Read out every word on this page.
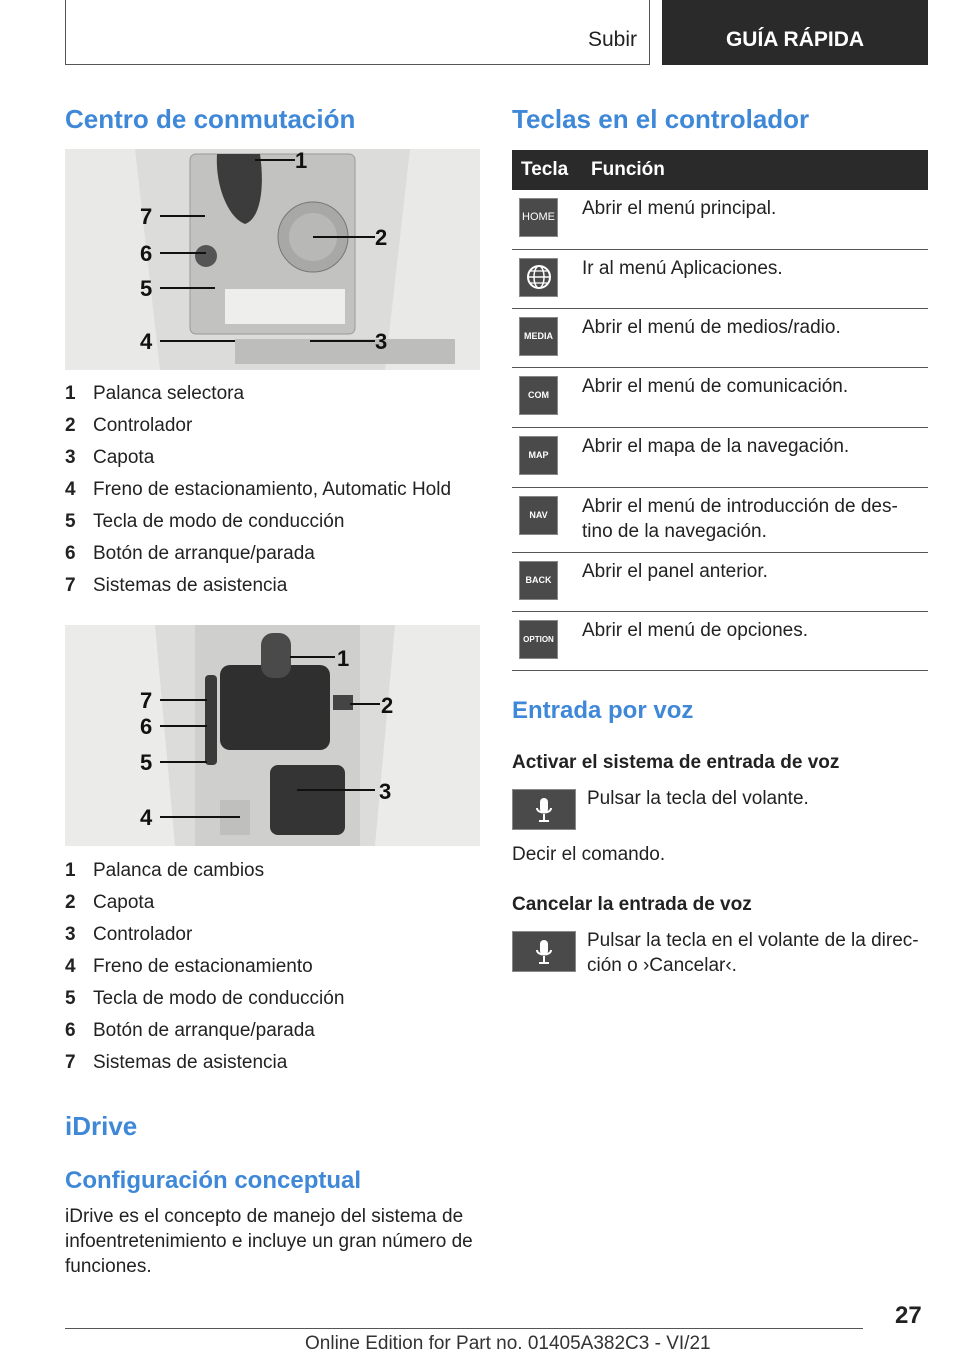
Subir	GUÍA RÁPIDA
Centro de conmutación
1
2
3
4
5
6
7
1 Palanca selectora
2 Controlador
3 Capota
4 Freno de estacionamiento, Automatic Hold
5 Tecla de modo de conducción
6 Botón de arranque/parada
7 Sistemas de asistencia
1
2
3
4
5
6
7
1 Palanca de cambios
2 Capota
3 Controlador
4 Freno de estacionamiento
5 Tecla de modo de conducción
6 Botón de arranque/parada
7 Sistemas de asistencia
iDrive
Configuración conceptual
iDrive es el concepto de manejo del sistema de
infoentretenimiento e incluye un gran número de
funciones.
Teclas en el controlador
Tecla	Función

HOME	Abrir el menú principal.

	Ir al menú Aplicaciones.

MEDIA	Abrir el menú de medios/radio.

COM	Abrir el menú de comunicación.

MAP	Abrir el mapa de la navegación.

NAV	Abrir el menú de introducción de des-
tino de la navegación.

BACK	Abrir el panel anterior.

OPTION	Abrir el menú de opciones.
Entrada por voz
Activar el sistema de entrada de voz
Pulsar la tecla del volante.
Decir el comando.
Cancelar la entrada de voz
Pulsar la tecla en el volante de la direc-
ción o ›Cancelar‹.
27
Online Edition for Part no. 01405A382C3 - VI/21
